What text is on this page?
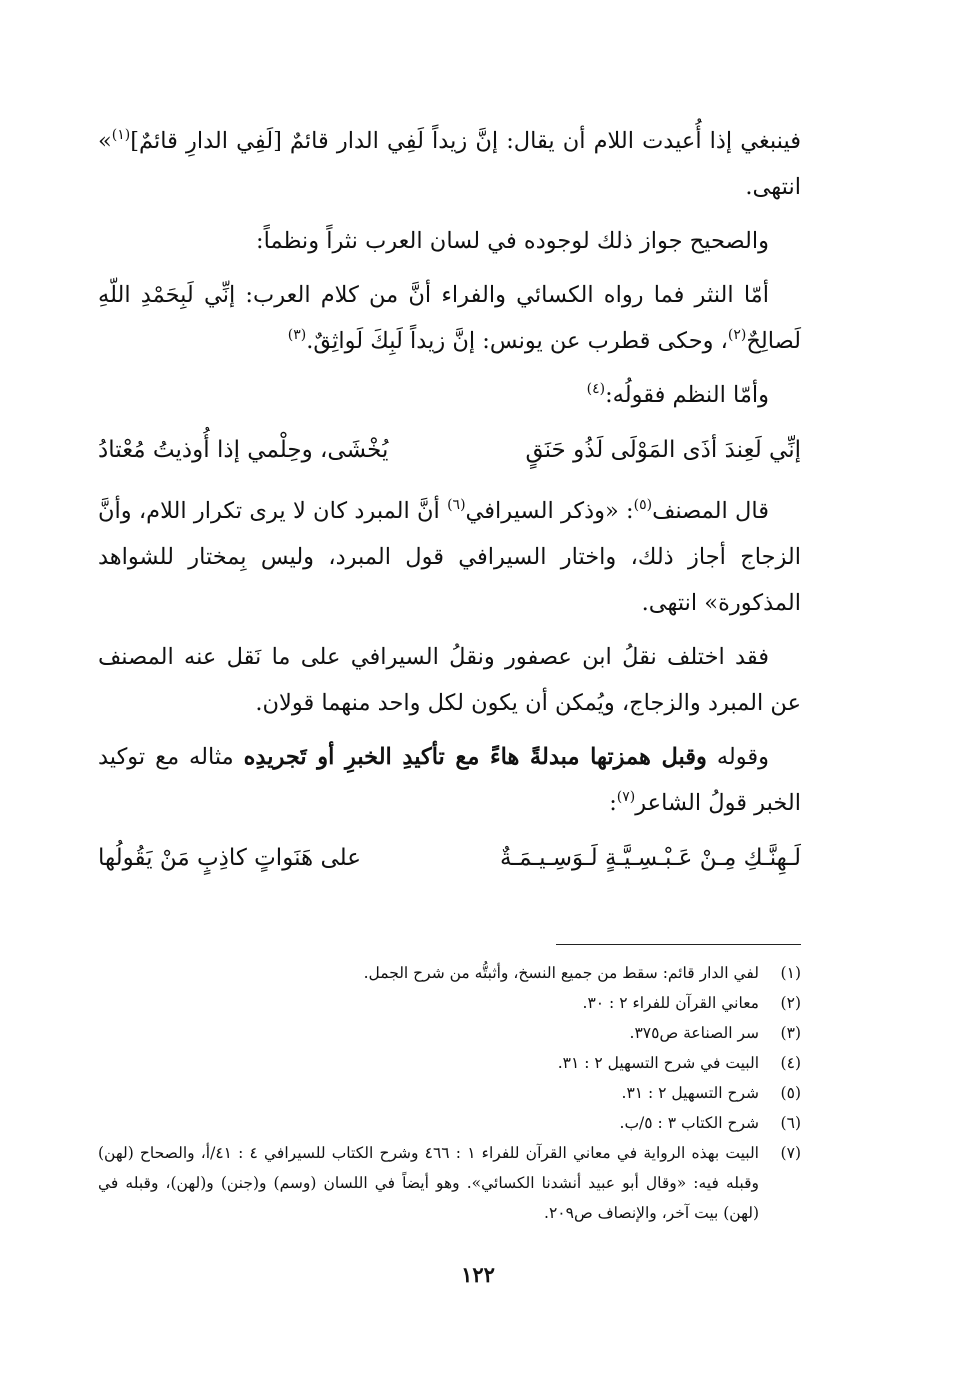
فينبغي إذا أُعيدت اللام أن يقال: إنَّ زيداً لَفِي الدار قائمٌ [لَفِي الدارِ قائمٌ]$^{(١)}$» انتهى.

والصحيح جواز ذلك لوجوده في لسان العرب نثراً ونظماً:

أمّا النثر فما رواه الكسائي والفراء أنَّ من كلام العرب: إنِّي لَبِحَمْدِ اللّهِ لَصالِحٌ$^{(٢)}$، وحكى قطرب عن يونس: إنَّ زيداً لَبِكَ لَواثِقٌ.$^{(٣)}$

وأمّا النظم فقولُه:$^{(٤)}$

إنِّي لَعِندَ أذَى المَوْلَى لَذُو حَنَقٍ
يُخْشَى، وحِلْمي إذا أُوذيتُ مُعْتادُ

قال المصنف$^{(٥)}$: «وذكر السيرافي$^{(٦)}$ أنَّ المبرد كان لا يرى تكرار اللام، وأنَّ الزجاج أجاز ذلك، واختار السيرافي قول المبرد، وليس بِمختار للشواهد المذكورة» انتهى.

فقد اختلف نقلُ ابن عصفور ونقلُ السيرافي على ما نَقل عنه المصنف عن المبرد والزجاج، ويُمكن أن يكون لكل واحد منهما قولان.

وقوله وقبل همزتها مبدلةً هاءً مع تأكيدِ الخبرِ أو تَجريدِه مثاله مع توكيد الخبر قولُ الشاعر$^{(٧)}$:

لَـهِنَّـكِ مِـنْ عَـبْـسِـيَّـةٍ لَـوَسِـيـمَـةٌ
على هَنَواتٍ كاذِبٍ مَنْ يَقُولُها
(١)
لفي الدار قائم: سقط من جميع النسخ، وأثبتُّه من شرح الجمل.
(٢)
معاني القرآن للفراء ٢ : ٣٠.
(٣)
سر الصناعة ص٣٧٥.
(٤)
البيت في شرح التسهيل ٢ : ٣١.
(٥)
شرح التسهيل ٢ : ٣١.
(٦)
شرح الكتاب ٣ : ٥/ب.
(٧)
البيت بهذه الرواية في معاني القرآن للفراء ١ : ٤٦٦ وشرح الكتاب للسيرافي ٤ : ٤١/أ، والصحاح (لهن) وقبله فيه: «وقال أبو عبيد أنشدنا الكسائي». وهو أيضاً في اللسان (وسم) و(جنن) و(لهن)، وقبله في (لهن) بيت آخر، والإنصاف ص٢٠٩.
١٢٢
